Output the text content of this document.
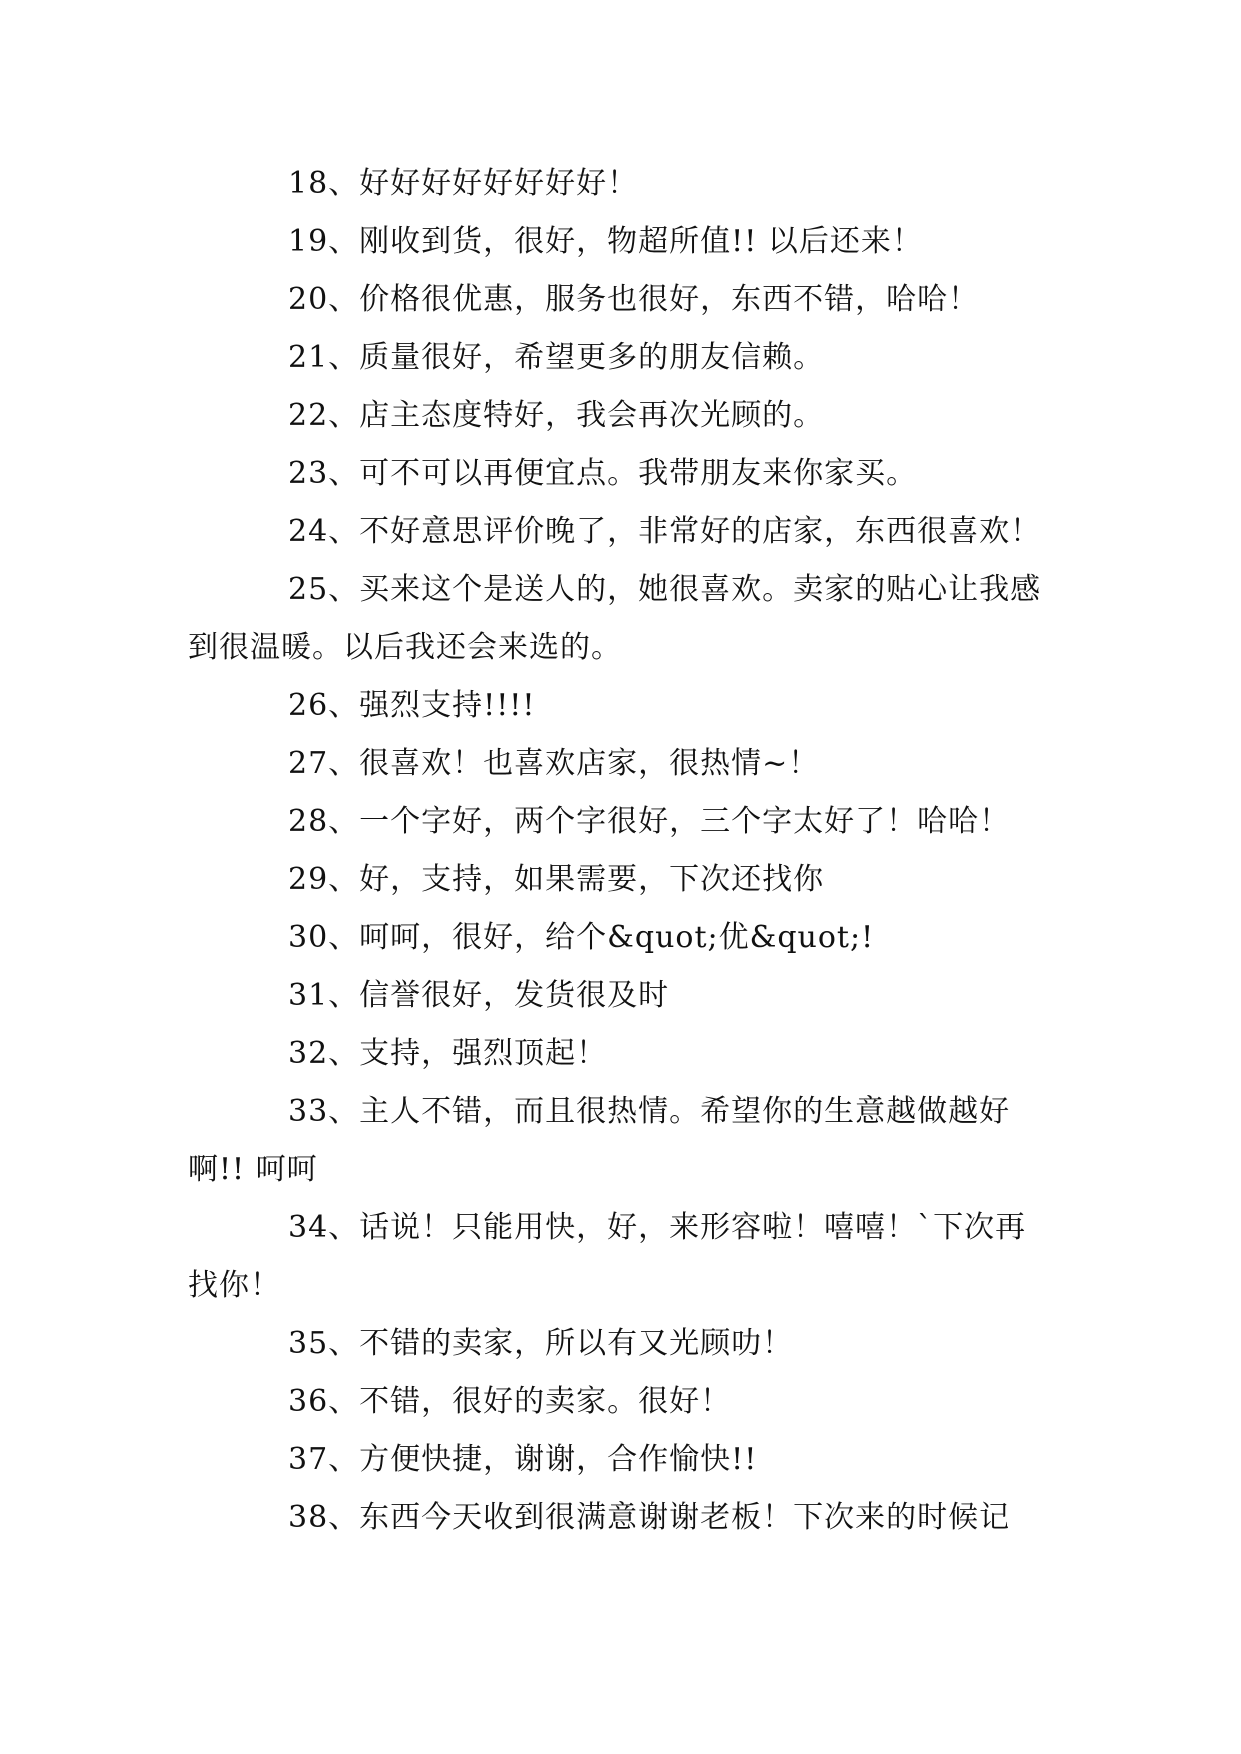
18、好好好好好好好好！

19、刚收到货，很好，物超所值!! 以后还来！

20、价格很优惠，服务也很好，东西不错，哈哈！

21、质量很好，希望更多的朋友信赖。

22、店主态度特好，我会再次光顾的。

23、可不可以再便宜点。我带朋友来你家买。

24、不好意思评价晚了，非常好的店家，东西很喜欢！

25、买来这个是送人的，她很喜欢。卖家的贴心让我感到很温暖。以后我还会来选的。

26、强烈支持!!!!

27、很喜欢！也喜欢店家，很热情~！

28、一个字好，两个字很好，三个字太好了！哈哈！

29、好，支持，如果需要，下次还找你

30、呵呵，很好，给个&quot;优&quot;!

31、信誉很好，发货很及时

32、支持，强烈顶起！

33、主人不错，而且很热情。希望你的生意越做越好啊!! 呵呵

34、话说！只能用快，好，来形容啦！嘻嘻！`下次再找你！

35、不错的卖家，所以有又光顾叻！

36、不错，很好的卖家。很好！

37、方便快捷，谢谢，合作愉快!!

38、东西今天收到很满意谢谢老板！下次来的时候记
